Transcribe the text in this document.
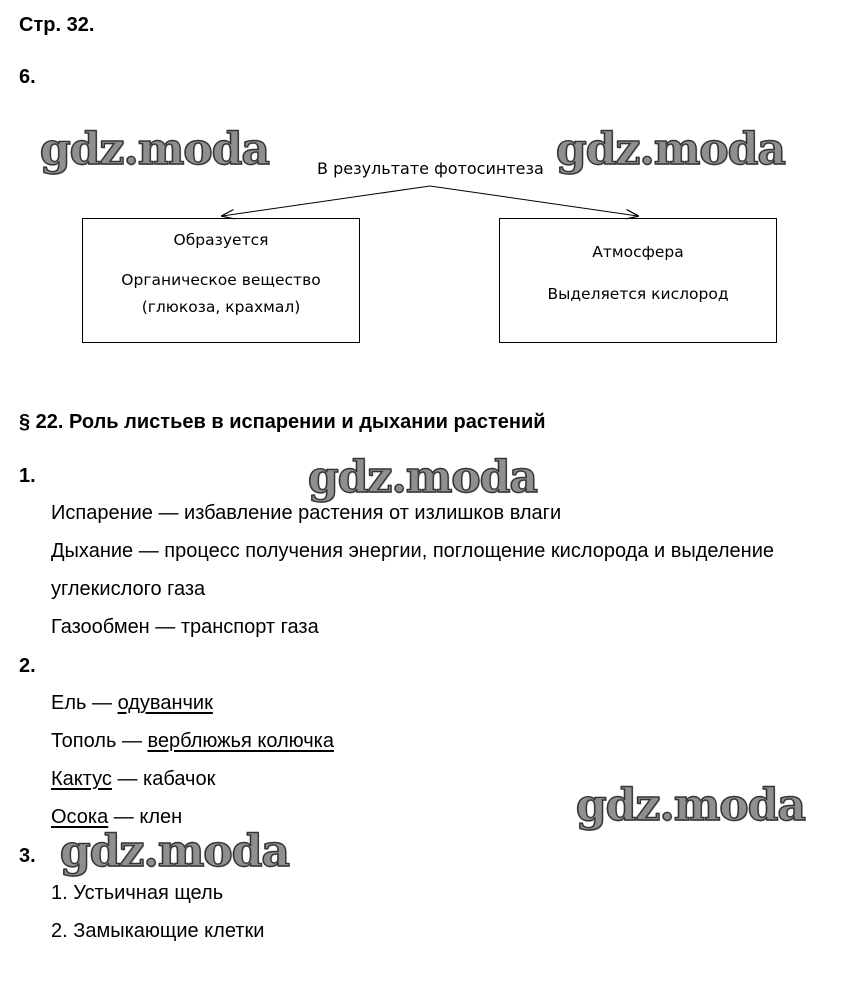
Стр. 32.
6.
В результате фотосинтеза
Образуется
Органическое вещество
(глюкоза, крахмал)
Атмосфера
Выделяется кислород
§ 22. Роль листьев в испарении и дыхании растений
1.
Испарение — избавление растения от излишков влаги
Дыхание — процесс получения энергии, поглощение кислорода и выделение
углекислого газа
Газообмен — транспорт газа
2.
Ель — одуванчик
Тополь — верблюжья колючка
Кактус — кабачок
Осока — клен
3.
1. Устьичная щель
2. Замыкающие клетки
gdz.moda	gdz.moda
gdz.moda
gdz.moda
gdz.moda
